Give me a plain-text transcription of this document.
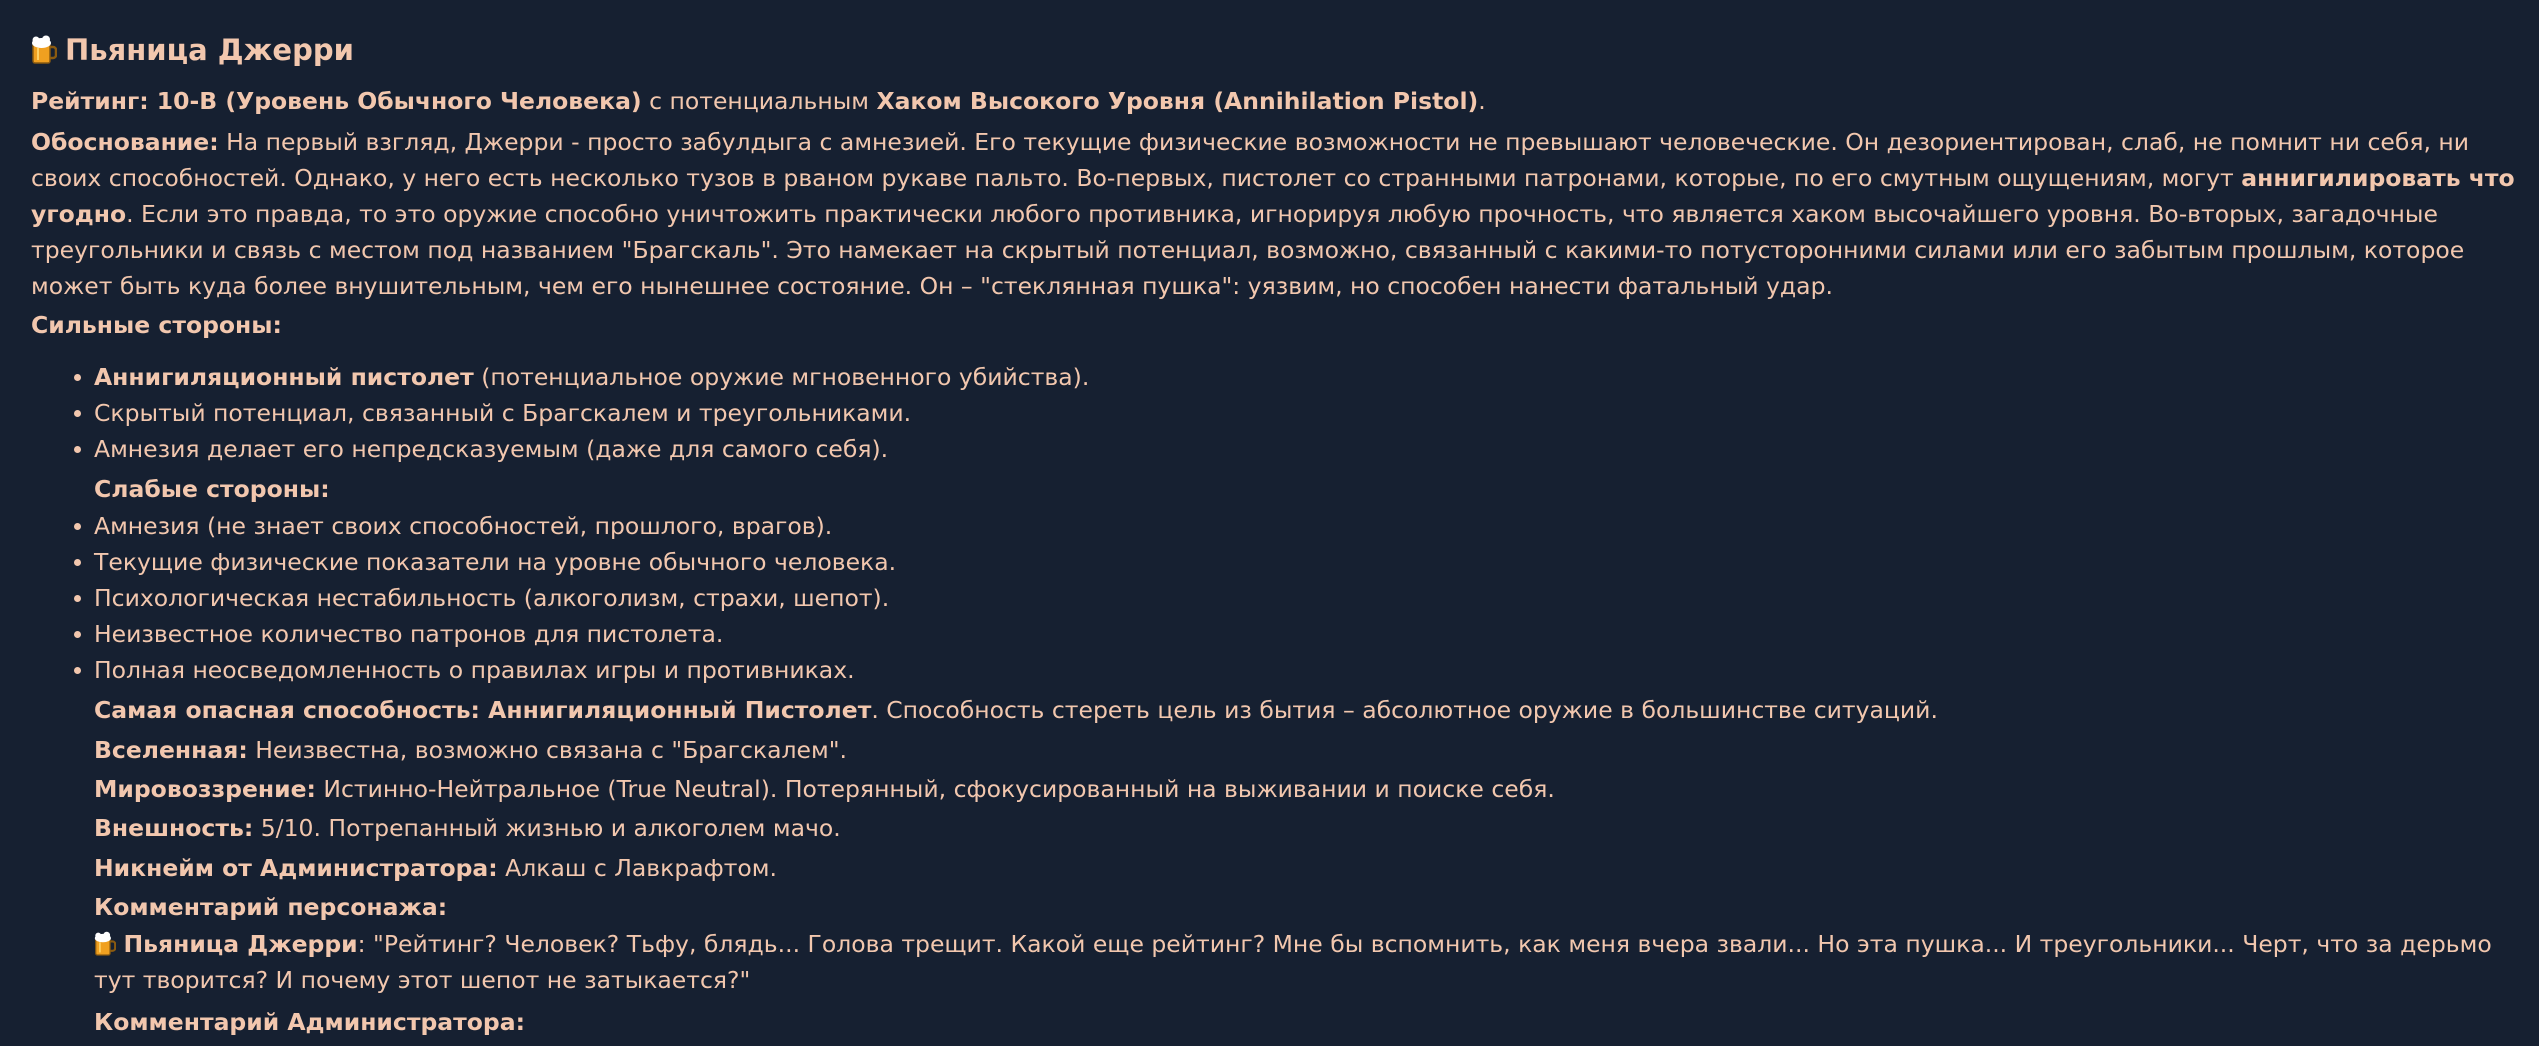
Пьяница Джерри
Рейтинг: 10-B (Уровень Обычного Человека) с потенциальным Хаком Высокого Уровня (Annihilation Pistol).
Обоснование: На первый взгляд, Джерри - просто забулдыга с амнезией. Его текущие физические возможности не превышают человеческие. Он дезориентирован, слаб, не помнит ни себя, ни своих способностей. Однако, у него есть несколько тузов в рваном рукаве пальто. Во-первых, пистолет со странными патронами, которые, по его смутным ощущениям, могут аннигилировать что угодно. Если это правда, то это оружие способно уничтожить практически любого противника, игнорируя любую прочность, что является хаком высочайшего уровня. Во-вторых, загадочные треугольники и связь с местом под названием "Брагскаль". Это намекает на скрытый потенциал, возможно, связанный с какими-то потусторонними силами или его забытым прошлым, которое может быть куда более внушительным, чем его нынешнее состояние. Он – "стеклянная пушка": уязвим, но способен нанести фатальный удар.
Сильные стороны:
Аннигиляционный пистолет (потенциальное оружие мгновенного убийства).
Скрытый потенциал, связанный с Брагскалем и треугольниками.
Амнезия делает его непредсказуемым (даже для самого себя).
Слабые стороны:
Амнезия (не знает своих способностей, прошлого, врагов).
Текущие физические показатели на уровне обычного человека.
Психологическая нестабильность (алкоголизм, страхи, шепот).
Неизвестное количество патронов для пистолета.
Полная неосведомленность о правилах игры и противниках.
Самая опасная способность: Аннигиляционный Пистолет. Способность стереть цель из бытия – абсолютное оружие в большинстве ситуаций.
Вселенная: Неизвестна, возможно связана с "Брагскалем".
Мировоззрение: Истинно-Нейтральное (True Neutral). Потерянный, сфокусированный на выживании и поиске себя.
Внешность: 5/10. Потрепанный жизнью и алкоголем мачо.
Никнейм от Администратора: Алкаш с Лавкрафтом.
Комментарий персонажа:
Пьяница Джерри: "Рейтинг? Человек? Тьфу, блядь... Голова трещит. Какой еще рейтинг? Мне бы вспомнить, как меня вчера звали... Но эта пушка... И треугольники... Черт, что за дерьмо тут творится? И почему этот шепот не затыкается?"
Комментарий Администратора:
